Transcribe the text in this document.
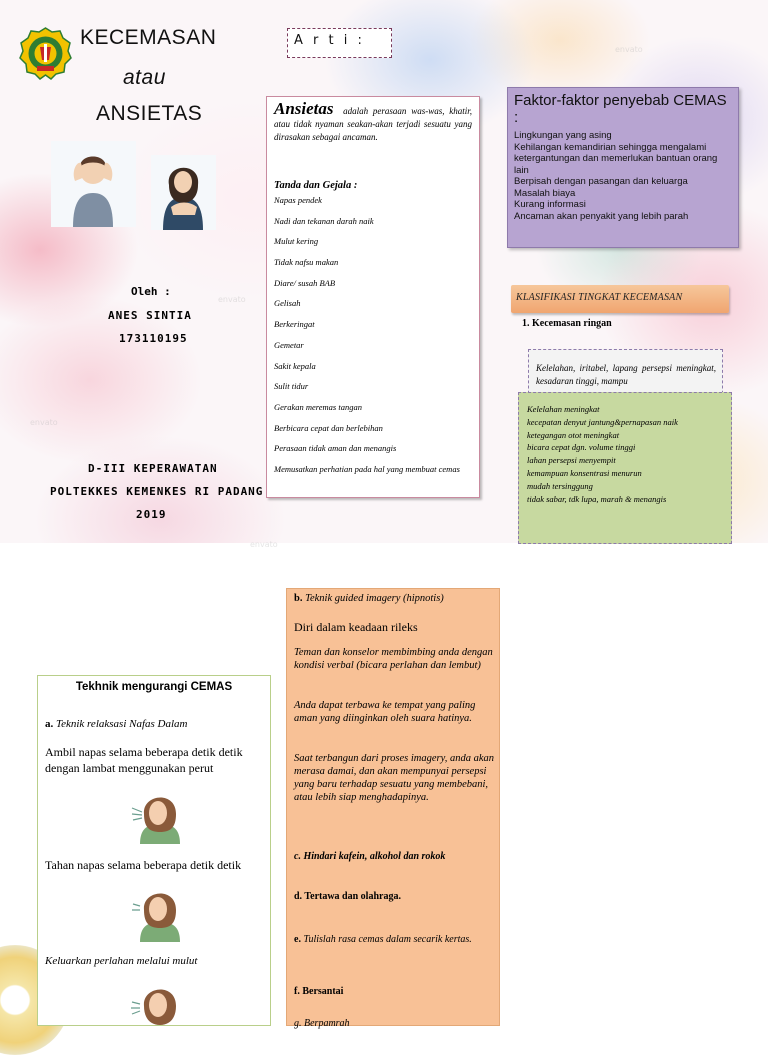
KECEMASAN
atau
ANSIETAS
Oleh :
ANES SINTIA
173110195
D-III KEPERAWATAN
POLTEKKES KEMENKES RI PADANG
2019
A r t i :
Ansietas adalah perasaan was-was, khatir, atau tidak nyaman seakan-akan terjadi sesuatu yang dirasakan sebagai ancaman.
Tanda dan Gejala :
Napas pendek
Nadi dan tekanan darah naik
Mulut kering
Tidak nafsu makan
Diare/ susah BAB
Gelisah
Berkeringat
Gemetar
Sakit kepala
Sulit tidur
Gerakan meremas tangan
Berbicara cepat dan berlebihan
Perasaan tidak aman dan menangis
Memusatkan perhatian pada hal yang membuat cemas
Faktor-faktor penyebab CEMAS :
Lingkungan yang asing
Kehilangan kemandirian sehingga mengalami ketergantungan dan memerlukan bantuan orang lain
Berpisah dengan pasangan dan keluarga
Masalah biaya
Kurang informasi
Ancaman akan penyakit yang lebih parah
KLASIFIKASI TINGKAT KECEMASAN
1. Kecemasan ringan
Kelelahan, iritabel, lapang persepsi meningkat, kesadaran tinggi, mampu
Kelelahan meningkat
kecepatan denyut jantung&pernapasan naik
ketegangan otot meningkat
bicara cepat dgn. volume tinggi
lahan persepsi menyempit
kemampuan konsentrasi menurun
mudah tersinggung
tidak sabar, tdk lupa, marah & menangis
envato
envato
envato
envato
Tekhnik mengurangi CEMAS
a. Teknik relaksasi Nafas Dalam
Ambil napas selama beberapa detik detik dengan lambat menggunakan perut
Tahan napas selama beberapa detik detik
Keluarkan perlahan melalui mulut
b. Teknik guided imagery (hipnotis)
Diri dalam keadaan rileks
Teman dan konselor membimbing anda dengan kondisi verbal (bicara perlahan dan lembut)
Anda dapat terbawa ke tempat yang paling aman yang diinginkan oleh suara hatinya.
Saat terbangun dari proses imagery, anda akan merasa damai, dan akan mempunyai persepsi yang baru terhadap sesuatu yang membebani, atau lebih siap menghadapinya.
c. Hindari kafein, alkohol dan rokok
d. Tertawa dan olahraga.
e. Tulislah rasa cemas dalam secarik kertas.
f. Bersantai
g. Berpamrah
